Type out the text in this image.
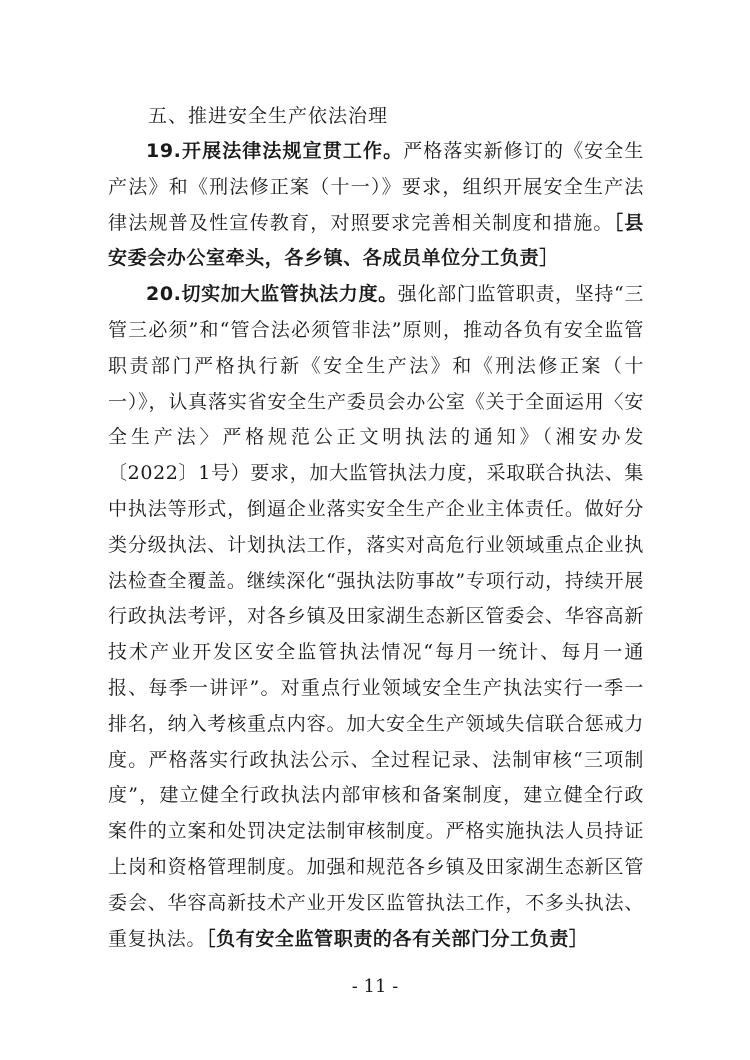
五、推进安全生产依法治理

19.开展法律法规宣贯工作。严格落实新修订的《安全生产法》和《刑法修正案（十一）》要求，组织开展安全生产法律法规普及性宣传教育，对照要求完善相关制度和措施。［县安委会办公室牵头，各乡镇、各成员单位分工负责］

20.切实加大监管执法力度。强化部门监管职责，坚持“三管三必须”和“管合法必须管非法”原则，推动各负有安全监管职责部门严格执行新《安全生产法》和《刑法修正案（十一）》，认真落实省安全生产委员会办公室《关于全面运用〈安全生产法〉严格规范公正文明执法的通知》（湘安办发〔2022〕1号）要求，加大监管执法力度，采取联合执法、集中执法等形式，倒逼企业落实安全生产企业主体责任。做好分类分级执法、计划执法工作，落实对高危行业领域重点企业执法检查全覆盖。继续深化“强执法防事故”专项行动，持续开展行政执法考评，对各乡镇及田家湖生态新区管委会、华容高新技术产业开发区安全监管执法情况“每月一统计、每月一通报、每季一讲评”。对重点行业领域安全生产执法实行一季一排名，纳入考核重点内容。加大安全生产领域失信联合惩戒力度。严格落实行政执法公示、全过程记录、法制审核“三项制度”，建立健全行政执法内部审核和备案制度，建立健全行政案件的立案和处罚决定法制审核制度。严格实施执法人员持证上岗和资格管理制度。加强和规范各乡镇及田家湖生态新区管委会、华容高新技术产业开发区监管执法工作，不多头执法、重复执法。［负有安全监管职责的各有关部门分工负责］

- 11 -
